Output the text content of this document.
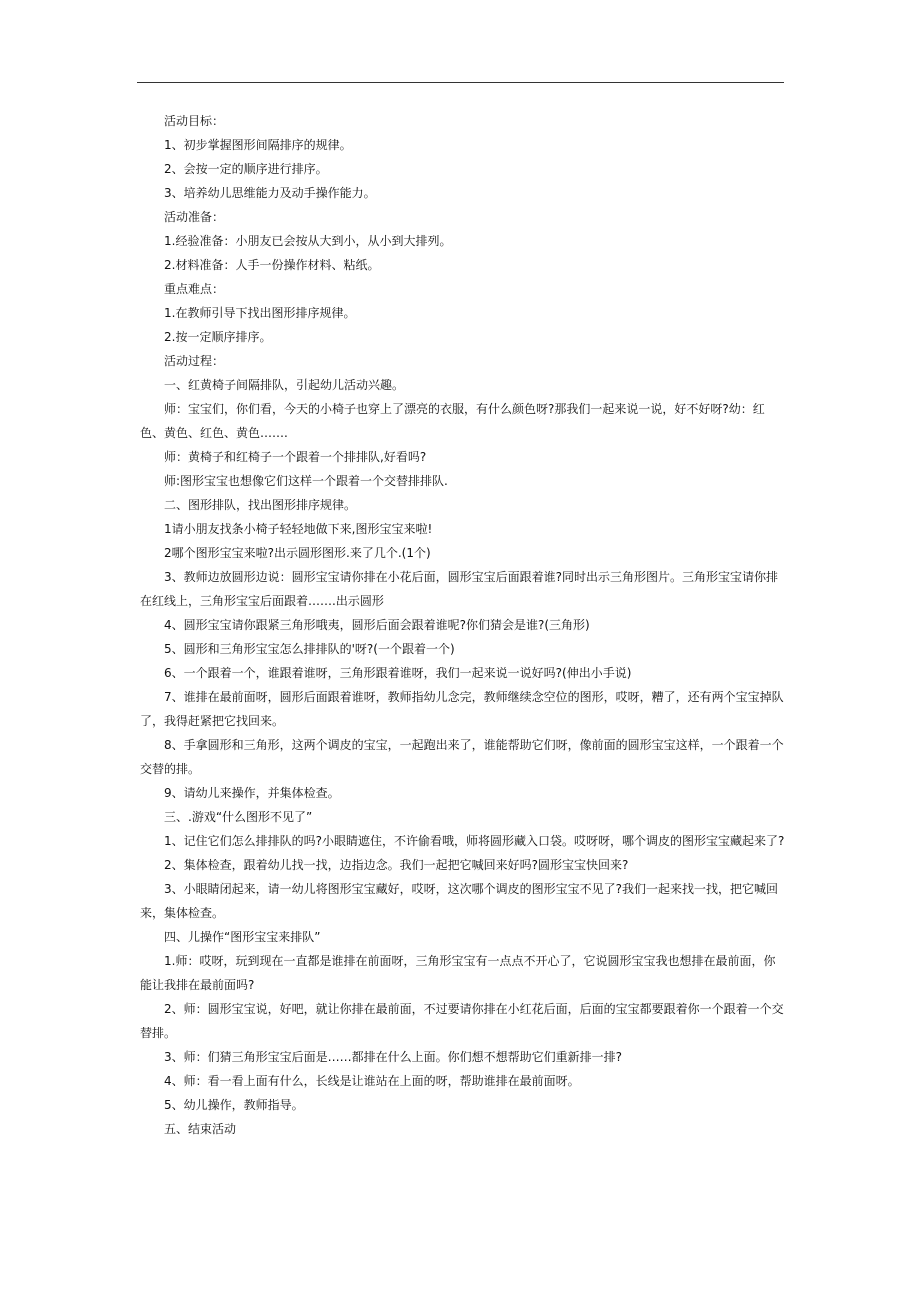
活动目标：

1、初步掌握图形间隔排序的规律。

2、会按一定的顺序进行排序。

3、培养幼儿思维能力及动手操作能力。

活动准备：

1.经验准备：小朋友已会按从大到小，从小到大排列。

2.材料准备：人手一份操作材料、粘纸。

重点难点：

1.在教师引导下找出图形排序规律。

2.按一定顺序排序。

活动过程：

一、红黄椅子间隔排队，引起幼儿活动兴趣。

师：宝宝们，你们看，今天的小椅子也穿上了漂亮的衣服，有什么颜色呀?那我们一起来说一说，好不好呀?幼：红色、黄色、红色、黄色…….

师：黄椅子和红椅子一个跟着一个排排队,好看吗?

师:图形宝宝也想像它们这样一个跟着一个交替排排队.

二、图形排队，找出图形排序规律。

1请小朋友找条小椅子轻轻地做下来,图形宝宝来啦!

2哪个图形宝宝来啦?出示圆形图形.来了几个.(1个)

3、教师边放圆形边说：圆形宝宝请你排在小花后面，圆形宝宝后面跟着谁?同时出示三角形图片。三角形宝宝请你排在红线上，三角形宝宝后面跟着…….出示圆形

4、圆形宝宝请你跟紧三角形哦夷，圆形后面会跟着谁呢?你们猜会是谁?(三角形)

5、圆形和三角形宝宝怎么排排队的'呀?(一个跟着一个)

6、一个跟着一个，谁跟着谁呀，三角形跟着谁呀，我们一起来说一说好吗?(伸出小手说)

7、谁排在最前面呀，圆形后面跟着谁呀，教师指幼儿念完，教师继续念空位的图形，哎呀，糟了，还有两个宝宝掉队了，我得赶紧把它找回来。

8、手拿圆形和三角形，这两个调皮的宝宝，一起跑出来了，谁能帮助它们呀，像前面的圆形宝宝这样，一个跟着一个交替的排。

9、请幼儿来操作，并集体检查。

三、.游戏“什么图形不见了”

1、记住它们怎么排排队的吗?小眼睛遮住，不许偷看哦，师将圆形藏入口袋。哎呀呀，哪个调皮的图形宝宝藏起来了?

2、集体检查，跟着幼儿找一找，边指边念。我们一起把它喊回来好吗?圆形宝宝快回来?

3、小眼睛闭起来，请一幼儿将图形宝宝藏好，哎呀，这次哪个调皮的图形宝宝不见了?我们一起来找一找，把它喊回来，集体检查。

四、儿操作“图形宝宝来排队”

1.师：哎呀，玩到现在一直都是谁排在前面呀，三角形宝宝有一点点不开心了，它说圆形宝宝我也想排在最前面，你能让我排在最前面吗?

2、师：圆形宝宝说，好吧，就让你排在最前面，不过要请你排在小红花后面，后面的宝宝都要跟着你一个跟着一个交替排。

3、师：们猜三角形宝宝后面是……都排在什么上面。你们想不想帮助它们重新排一排?

4、师：看一看上面有什么，长线是让谁站在上面的呀，帮助谁排在最前面呀。

5、幼儿操作，教师指导。

五、结束活动
